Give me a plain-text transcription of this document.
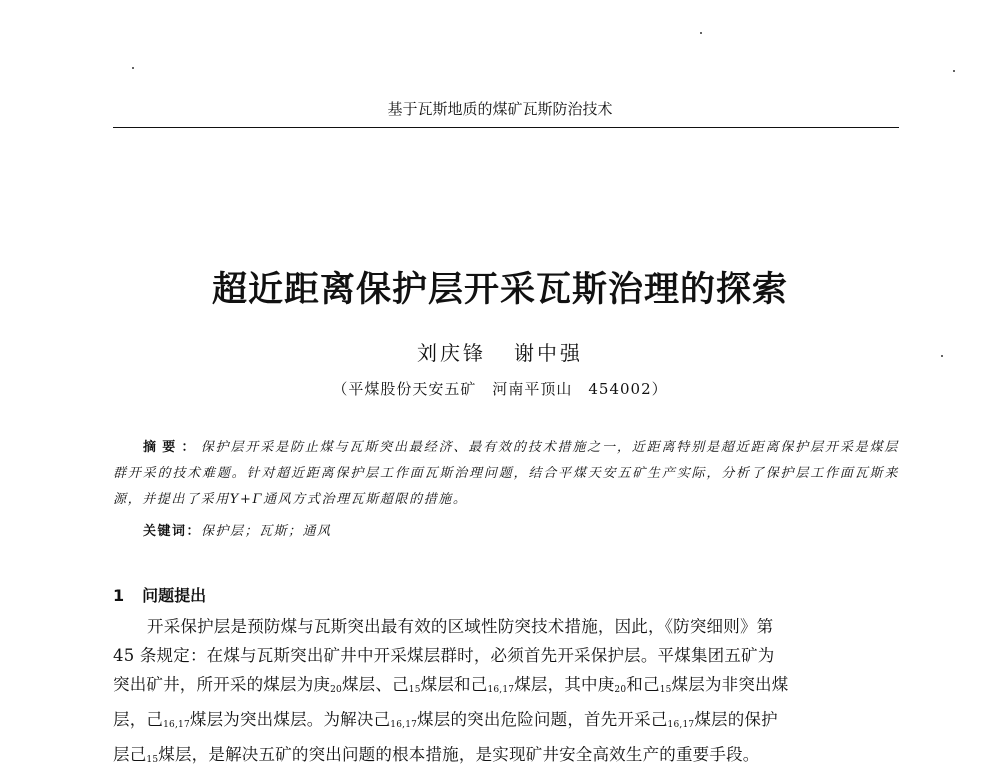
基于瓦斯地质的煤矿瓦斯防治技术
超近距离保护层开采瓦斯治理的探索
刘庆锋 谢中强
（平煤股份天安五矿　河南平顶山　454002）
摘要：保护层开采是防止煤与瓦斯突出最经济、最有效的技术措施之一，近距离特别是超近距离保护层开采是煤层群开采的技术难题。针对超近距离保护层工作面瓦斯治理问题，结合平煤天安五矿生产实际，分析了保护层工作面瓦斯来源，并提出了采用Y+Γ通风方式治理瓦斯超限的措施。
关键词：保护层；瓦斯；通风
1 问题提出
开采保护层是预防煤与瓦斯突出最有效的区域性防突技术措施，因此，《防突细则》第
45 条规定：在煤与瓦斯突出矿井中开采煤层群时，必须首先开采保护层。平煤集团五矿为
突出矿井，所开采的煤层为庚$_{20}$煤层、己$_{15}$煤层和己$_{16,17}$煤层，其中庚$_{20}$和己$_{15}$煤层为非突出煤
层，己$_{16,17}$煤层为突出煤层。为解决己$_{16,17}$煤层的突出危险问题，首先开采己$_{16,17}$煤层的保护
层己$_{15}$煤层，是解决五矿的突出问题的根本措施，是实现矿井安全高效生产的重要手段。
